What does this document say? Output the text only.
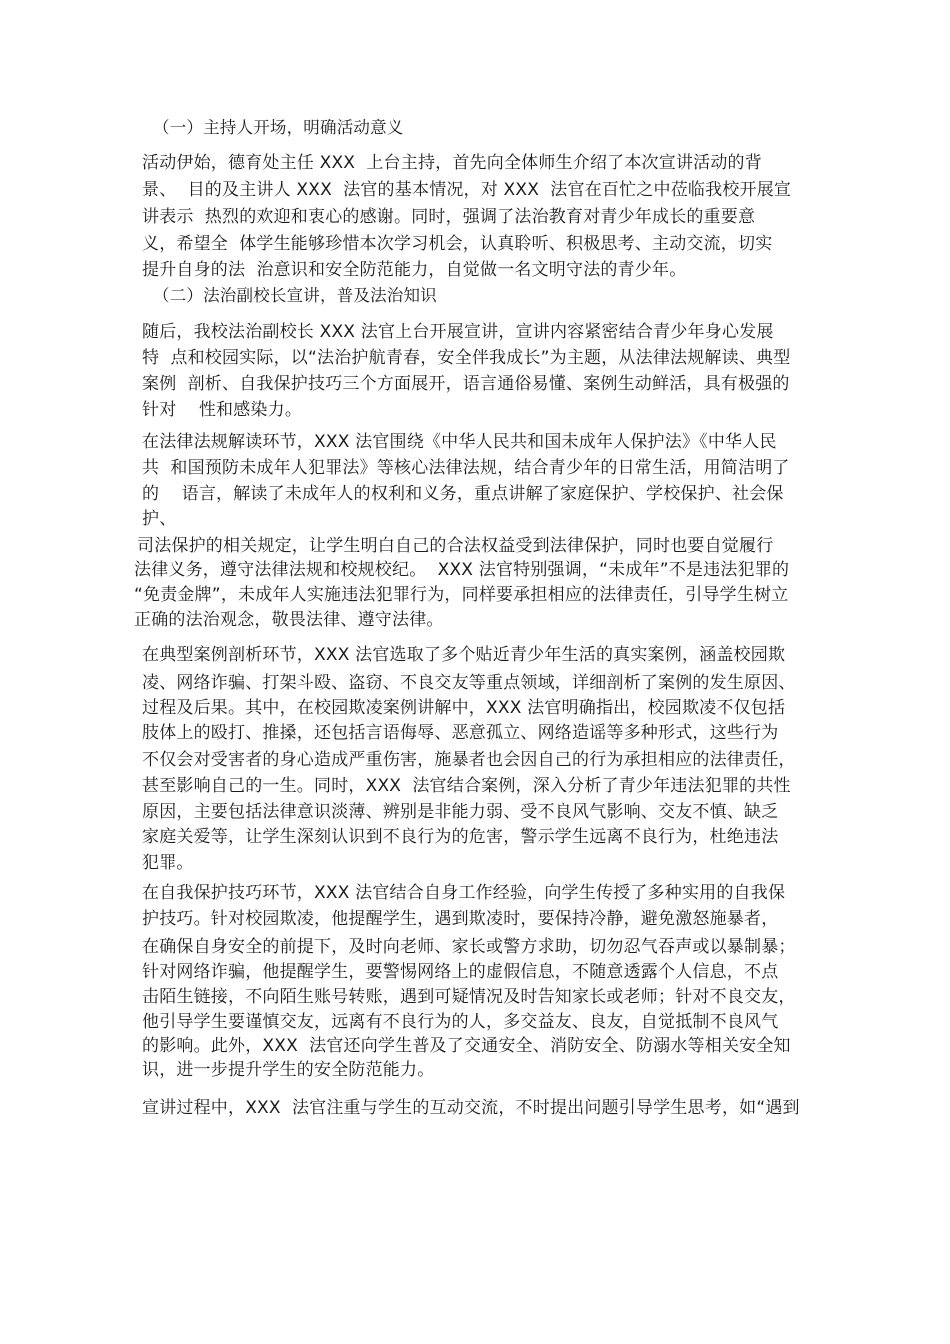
（一）主持人开场，明确活动意义
活动伊始，德育处主任 XXX  上台主持，首先向全体师生介绍了本次宣讲活动的背
景、  目的及主讲人 XXX  法官的基本情况，对 XXX  法官在百忙之中莅临我校开展宣
讲表示  热烈的欢迎和衷心的感谢。同时，强调了法治教育对青少年成长的重要意
义，希望全  体学生能够珍惜本次学习机会，认真聆听、积极思考、主动交流，切实
提升自身的法  治意识和安全防范能力，自觉做一名文明守法的青少年。
（二）法治副校长宣讲，普及法治知识
随后，我校法治副校长 XXX 法官上台开展宣讲，宣讲内容紧密结合青少年身心发展
特  点和校园实际，以“法治护航青春，安全伴我成长”为主题，从法律法规解读、典型
案例  剖析、自我保护技巧三个方面展开，语言通俗易懂、案例生动鲜活，具有极强的
针对    性和感染力。
在法律法规解读环节，XXX 法官围绕《中华人民共和国未成年人保护法》《中华人民
共  和国预防未成年人犯罪法》等核心法律法规，结合青少年的日常生活，用简洁明了
的    语言，解读了未成年人的权利和义务，重点讲解了家庭保护、学校保护、社会保
护、
司法保护的相关规定，让学生明白自己的合法权益受到法律保护，同时也要自觉履行
法律义务，遵守法律法规和校规校纪。  XXX 法官特别强调，“未成年”不是违法犯罪的
“免责金牌”，未成年人实施违法犯罪行为，同样要承担相应的法律责任，引导学生树立
正确的法治观念，敬畏法律、遵守法律。
在典型案例剖析环节，XXX 法官选取了多个贴近青少年生活的真实案例，涵盖校园欺
凌、网络诈骗、打架斗殴、盗窃、不良交友等重点领域，详细剖析了案例的发生原因、
过程及后果。其中，在校园欺凌案例讲解中，XXX 法官明确指出，校园欺凌不仅包括
肢体上的殴打、推搡，还包括言语侮辱、恶意孤立、网络造谣等多种形式，这些行为
不仅会对受害者的身心造成严重伤害，施暴者也会因自己的行为承担相应的法律责任，
甚至影响自己的一生。同时，XXX  法官结合案例，深入分析了青少年违法犯罪的共性
原因，主要包括法律意识淡薄、辨别是非能力弱、受不良风气影响、交友不慎、缺乏
家庭关爱等，让学生深刻认识到不良行为的危害，警示学生远离不良行为，杜绝违法
犯罪。
在自我保护技巧环节，XXX 法官结合自身工作经验，向学生传授了多种实用的自我保
护技巧。针对校园欺凌，他提醒学生，遇到欺凌时，要保持冷静，避免激怒施暴者，
在确保自身安全的前提下，及时向老师、家长或警方求助，切勿忍气吞声或以暴制暴；
针对网络诈骗，他提醒学生，要警惕网络上的虚假信息，不随意透露个人信息，不点
击陌生链接，不向陌生账号转账，遇到可疑情况及时告知家长或老师；针对不良交友，
他引导学生要谨慎交友，远离有不良行为的人，多交益友、良友，自觉抵制不良风气
的影响。此外，XXX  法官还向学生普及了交通安全、消防安全、防溺水等相关安全知
识，进一步提升学生的安全防范能力。
宣讲过程中，XXX  法官注重与学生的互动交流，不时提出问题引导学生思考，如“遇到
